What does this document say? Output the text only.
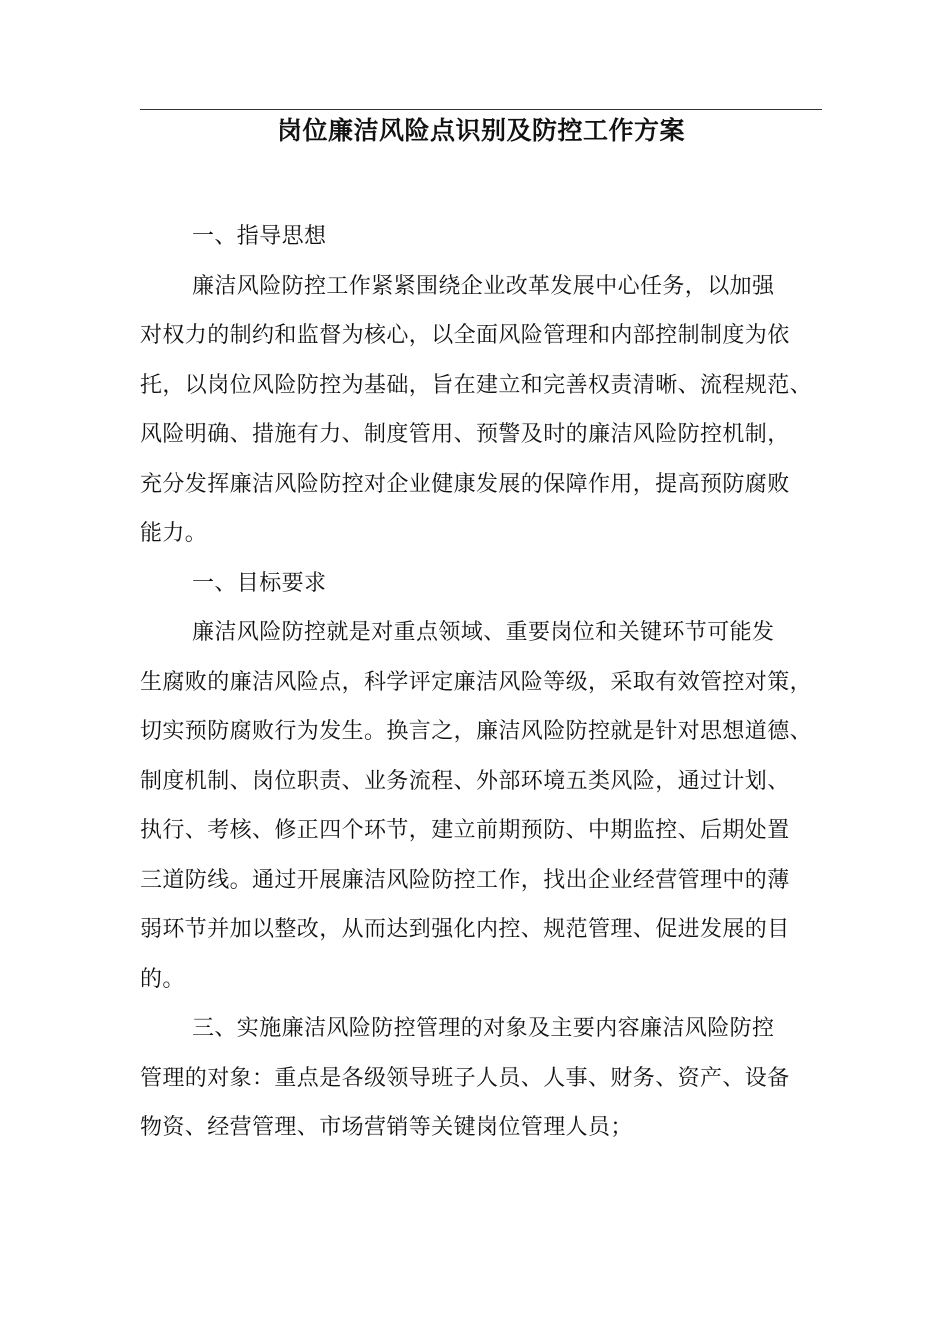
岗位廉洁风险点识别及防控工作方案
一、指导思想
廉洁风险防控工作紧紧围绕企业改革发展中心任务，以加强
对权力的制约和监督为核心，以全面风险管理和内部控制制度为依
托，以岗位风险防控为基础，旨在建立和完善权责清晰、流程规范、
风险明确、措施有力、制度管用、预警及时的廉洁风险防控机制，
充分发挥廉洁风险防控对企业健康发展的保障作用，提高预防腐败
能力。
一、目标要求
廉洁风险防控就是对重点领域、重要岗位和关键环节可能发
生腐败的廉洁风险点，科学评定廉洁风险等级，采取有效管控对策，
切实预防腐败行为发生。换言之，廉洁风险防控就是针对思想道德、
制度机制、岗位职责、业务流程、外部环境五类风险，通过计划、
执行、考核、修正四个环节，建立前期预防、中期监控、后期处置
三道防线。通过开展廉洁风险防控工作，找出企业经营管理中的薄
弱环节并加以整改，从而达到强化内控、规范管理、促进发展的目
的。
三、实施廉洁风险防控管理的对象及主要内容廉洁风险防控
管理的对象：重点是各级领导班子人员、人事、财务、资产、设备
物资、经营管理、市场营销等关键岗位管理人员；
